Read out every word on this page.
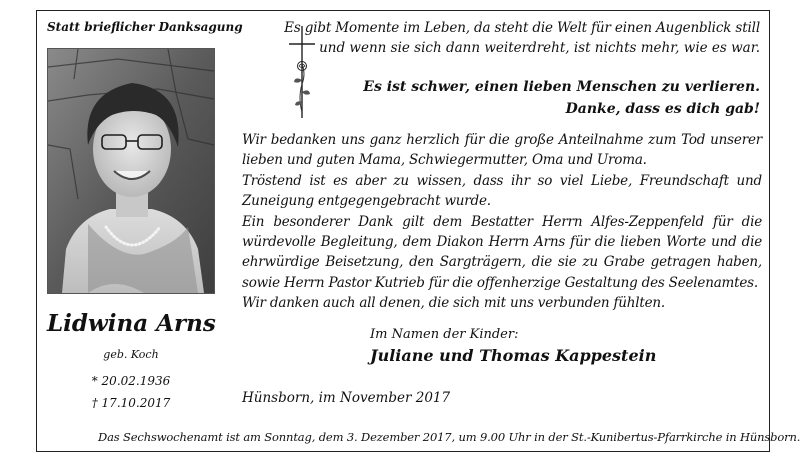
Statt brieflicher Danksagung
Lidwina Arns
geb. Koch
* 20.02.1936
† 17.10.2017
Es gibt Momente im Leben, da steht die Welt für einen Augenblick still
und wenn sie sich dann weiterdreht, ist nichts mehr, wie es war.
Es ist schwer, einen lieben Menschen zu verlieren.
Danke, dass es dich gab!

Wir bedanken uns ganz herzlich für die große Anteilnahme zum Tod unserer lieben und guten Mama, Schwiegermutter, Oma und Uroma.

Tröstend ist es aber zu wissen, dass ihr so viel Liebe, Freundschaft und Zuneigung entgegengebracht wurde.

Ein besonderer Dank gilt dem Bestatter Herrn Alfes-Zeppenfeld für die würdevolle Begleitung, dem Diakon Herrn Arns für die lieben Worte und die ehrwürdige Beisetzung, den Sargträgern, die sie zu Grabe getragen haben, sowie Herrn Pastor Kutrieb für die offenherzige Gestaltung des Seelenamtes.

Wir danken auch all denen, die sich mit uns verbunden fühlten.

Im Namen der Kinder:
Juliane und Thomas Kappestein
Hünsborn, im November 2017
Das Sechswochenamt ist am Sonntag, dem 3. Dezember 2017, um 9.00 Uhr in der St.-Kunibertus-Pfarrkirche in Hünsborn.
